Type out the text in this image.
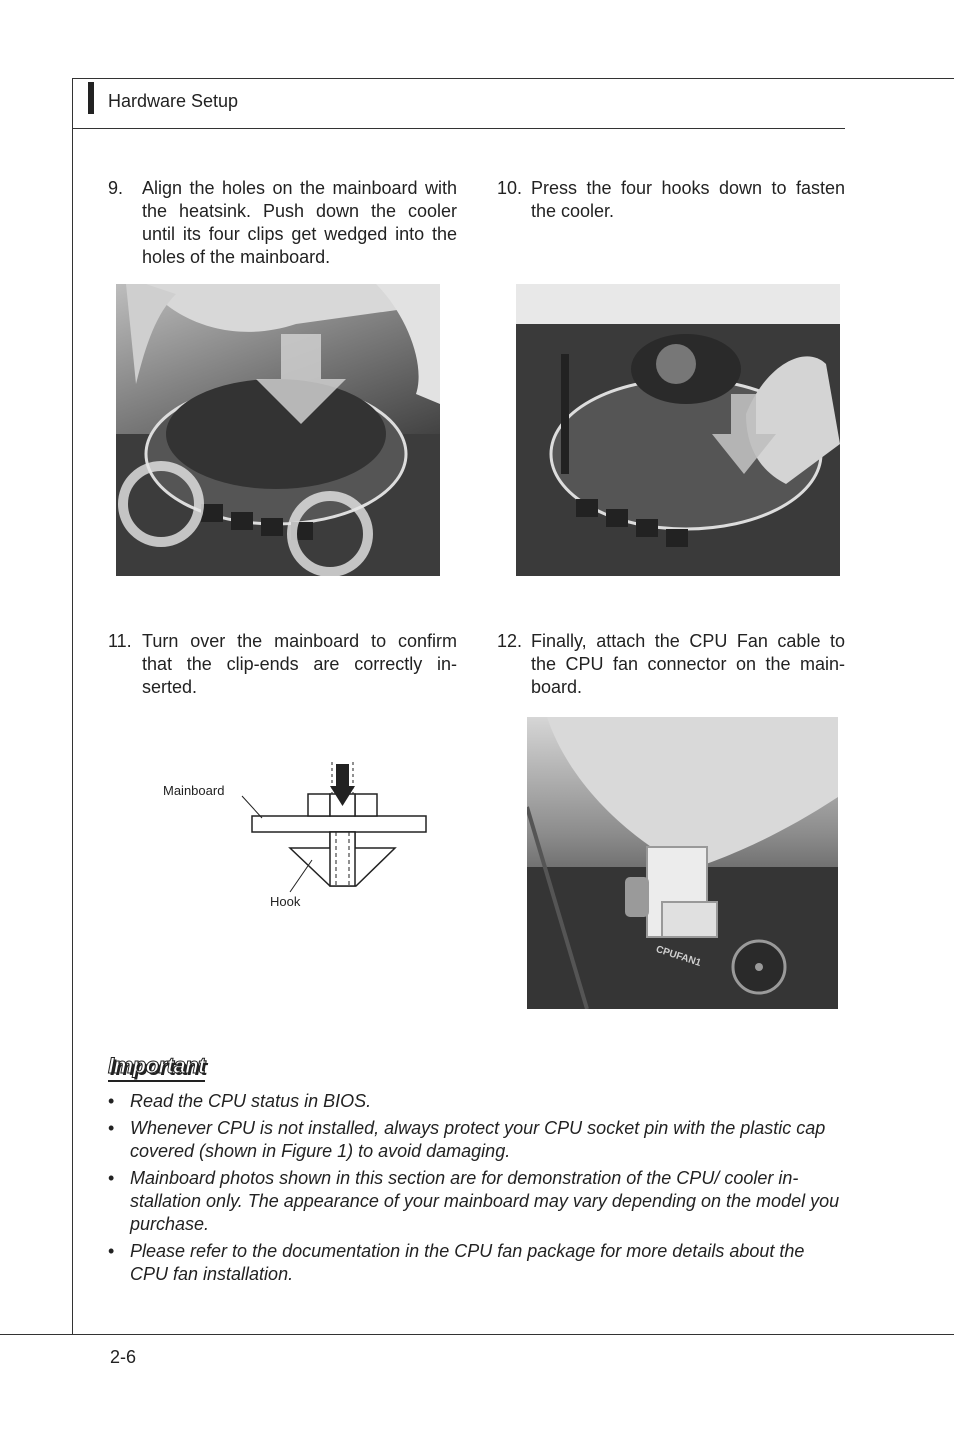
Hardware Setup
9. Align the holes on the mainboard with the heatsink. Push down the cooler until its four clips get wedged into the holes of the mainboard.
10. Press the four hooks down to fasten the cooler.
11. Turn over the mainboard to confirm that the clip-ends are correctly in-serted.
12. Finally, attach the CPU Fan cable to the CPU fan connector on the main-board.
Mainboard
Hook
CPUFAN1
Important
• Read the CPU status in BIOS.
• Whenever CPU is not installed, always protect your CPU socket pin with the plastic cap covered (shown in Figure 1) to avoid damaging.
• Mainboard photos shown in this section are for demonstration of the CPU/ cooler in-stallation only. The appearance of your mainboard may vary depending on the model you purchase.
• Please refer to the documentation in the CPU fan package for more details about the CPU fan installation.
2-6
